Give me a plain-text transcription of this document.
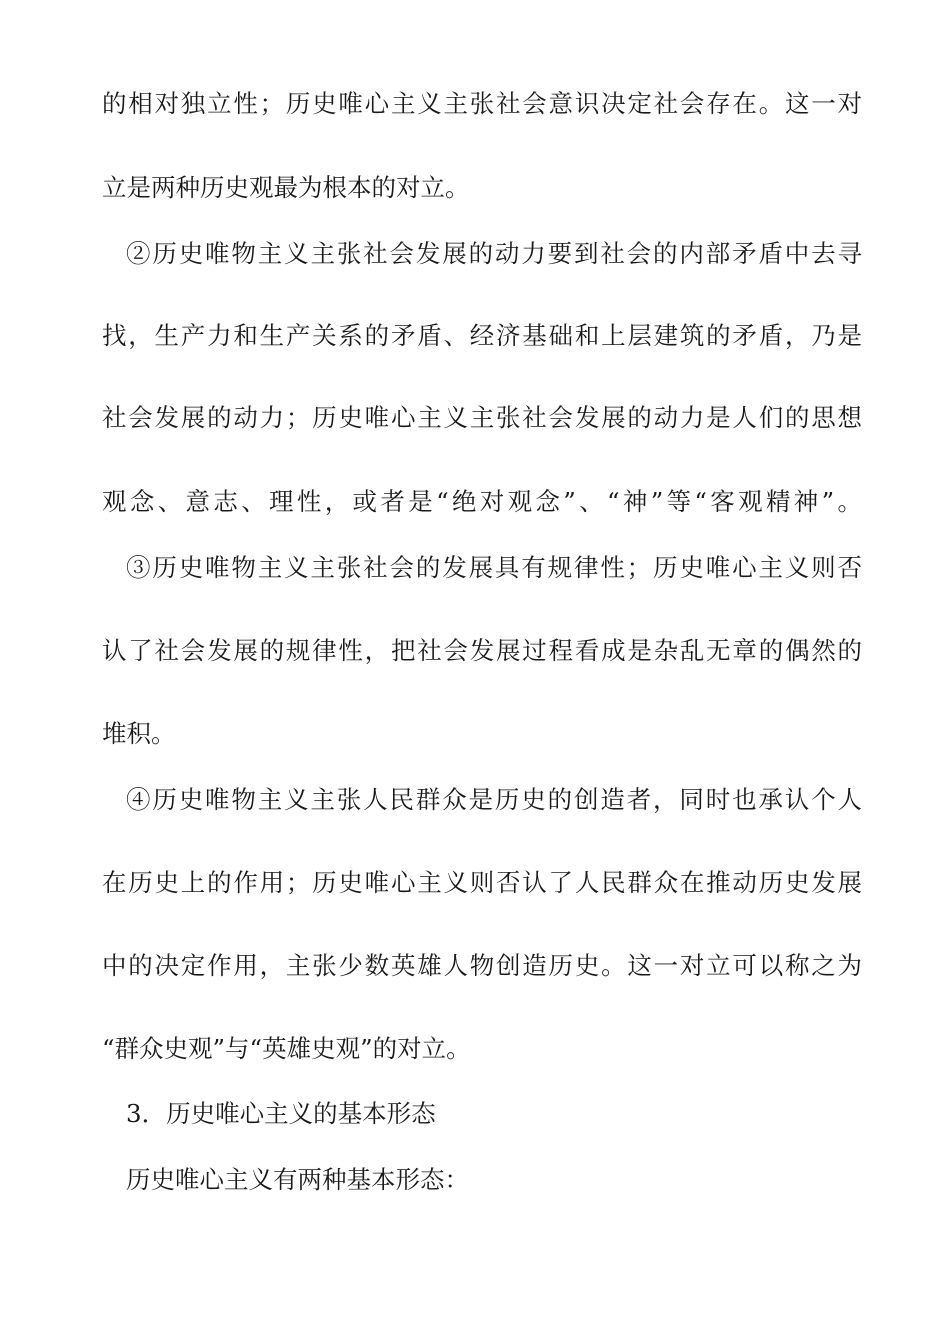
的相对独立性；历史唯心主义主张社会意识决定社会存在。这一对
立是两种历史观最为根本的对立。
②历史唯物主义主张社会发展的动力要到社会的内部矛盾中去寻
找，生产力和生产关系的矛盾、经济基础和上层建筑的矛盾，乃是
社会发展的动力；历史唯心主义主张社会发展的动力是人们的思想
观念、意志、理性，或者是“绝对观念”、“神”等“客观精神”。
③历史唯物主义主张社会的发展具有规律性；历史唯心主义则否
认了社会发展的规律性，把社会发展过程看成是杂乱无章的偶然的
堆积。
④历史唯物主义主张人民群众是历史的创造者，同时也承认个人
在历史上的作用；历史唯心主义则否认了人民群众在推动历史发展
中的决定作用，主张少数英雄人物创造历史。这一对立可以称之为
“群众史观”与“英雄史观”的对立。
3．历史唯心主义的基本形态
历史唯心主义有两种基本形态：
